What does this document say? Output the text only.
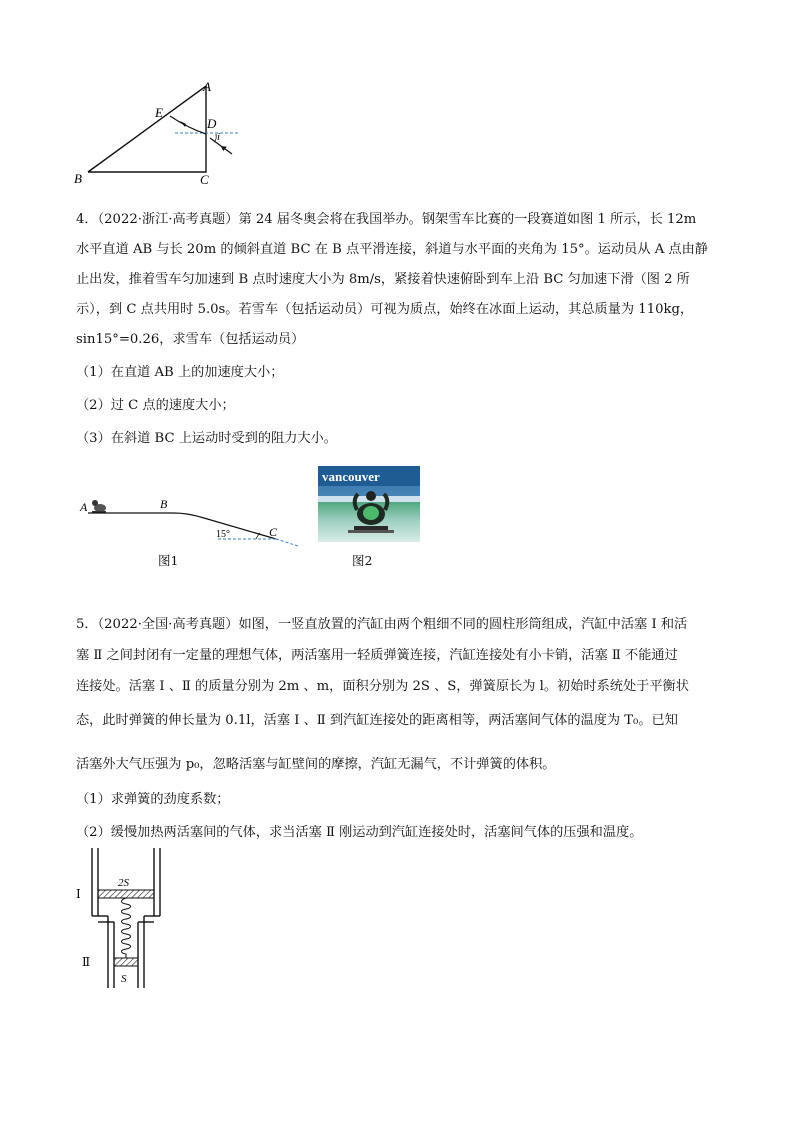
A
B	C
D
E
i
4．（2022·浙江·高考真题）第 24 届冬奥会将在我国举办。钢架雪车比赛的一段赛道如图 1 所示，长 12m
水平直道 AB 与长 20m 的倾斜直道 BC 在 B 点平滑连接，斜道与水平面的夹角为 15°。运动员从 A 点由静
止出发，推着雪车匀加速到 B 点时速度大小为 8m/s，紧接着快速俯卧到车上沿 BC 匀加速下滑（图 2 所
示），到 C 点共用时 5.0s。若雪车（包括运动员）可视为质点，始终在冰面上运动，其总质量为 110kg，
sin15°=0.26，求雪车（包括运动员）
（1）在直道 AB 上的加速度大小；
（2）过 C 点的速度大小；
（3）在斜道 BC 上运动时受到的阻力大小。
A	B
C
15°
图1
vancouver
图2
5．（2022·全国·高考真题）如图，一竖直放置的汽缸由两个粗细不同的圆柱形筒组成，汽缸中活塞 Ⅰ 和活
塞 Ⅱ 之间封闭有一定量的理想气体，两活塞用一轻质弹簧连接，汽缸连接处有小卡销，活塞 Ⅱ 不能通过
连接处。活塞 Ⅰ 、Ⅱ 的质量分别为 2m 、m，面积分别为 2S 、S，弹簧原长为 l。初始时系统处于平衡状
态，此时弹簧的伸长量为 0.1l，活塞 Ⅰ 、Ⅱ 到汽缸连接处的距离相等，两活塞间气体的温度为 T₀。已知
活塞外大气压强为 p₀，忽略活塞与缸壁间的摩擦，汽缸无漏气，不计弹簧的体积。
（1）求弹簧的劲度系数；
（2）缓慢加热两活塞间的气体，求当活塞 Ⅱ 刚运动到汽缸连接处时，活塞间气体的压强和温度。
2S
S
Ⅰ
Ⅱ
